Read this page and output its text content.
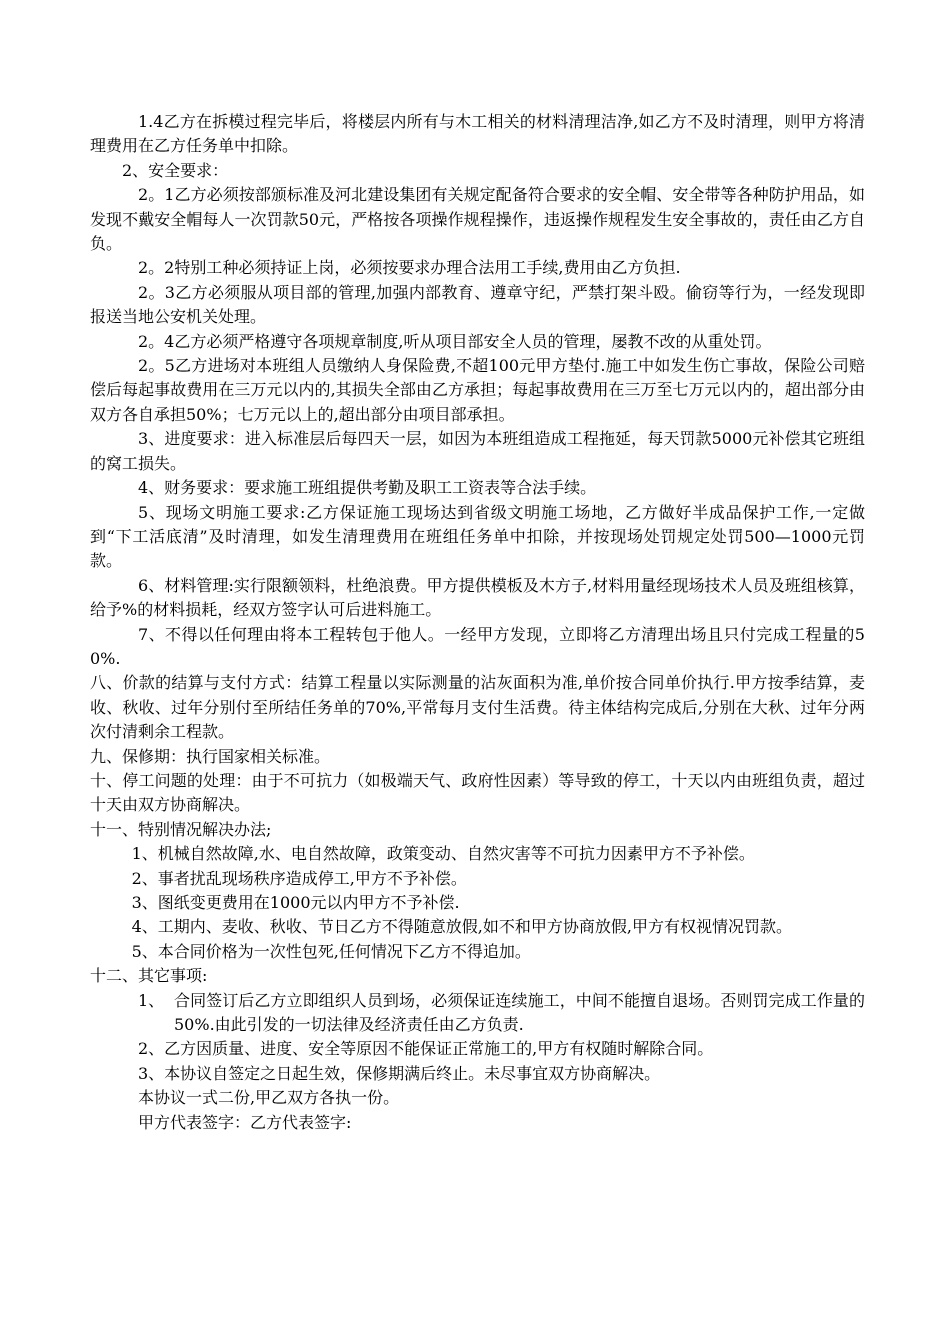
1.4乙方在拆模过程完毕后，将楼层内所有与木工相关的材料清理洁净,如乙方不及时清理，则甲方将清理费用在乙方任务单中扣除。

2、安全要求：

2。1乙方必须按部颁标准及河北建设集团有关规定配备符合要求的安全帽、安全带等各种防护用品，如发现不戴安全帽每人一次罚款50元，严格按各项操作规程操作，违返操作规程发生安全事故的，责任由乙方自负。

2。2特别工种必须持证上岗，必须按要求办理合法用工手续,费用由乙方负担.

2。3乙方必须服从项目部的管理,加强内部教育、遵章守纪，严禁打架斗殴。偷窃等行为，一经发现即报送当地公安机关处理。

2。4乙方必须严格遵守各项规章制度,听从项目部安全人员的管理，屡教不改的从重处罚。

2。5乙方进场对本班组人员缴纳人身保险费,不超100元甲方垫付.施工中如发生伤亡事故，保险公司赔偿后每起事故费用在三万元以内的,其损失全部由乙方承担；每起事故费用在三万至七万元以内的，超出部分由双方各自承担50%；七万元以上的,超出部分由项目部承担。

3、进度要求：进入标准层后每四天一层，如因为本班组造成工程拖延，每天罚款5000元补偿其它班组的窝工损失。

4、财务要求：要求施工班组提供考勤及职工工资表等合法手续。

5、现场文明施工要求:乙方保证施工现场达到省级文明施工场地，乙方做好半成品保护工作,一定做到“下工活底清”及时清理，如发生清理费用在班组任务单中扣除，并按现场处罚规定处罚500—1000元罚款。

6、材料管理:实行限额领料，杜绝浪费。甲方提供模板及木方子,材料用量经现场技术人员及班组核算，给予%的材料损耗，经双方签字认可后进料施工。

7、不得以任何理由将本工程转包于他人。一经甲方发现，立即将乙方清理出场且只付完成工程量的50%.

八、价款的结算与支付方式：结算工程量以实际测量的沾灰面积为准,单价按合同单价执行.甲方按季结算，麦收、秋收、过年分别付至所结任务单的70%,平常每月支付生活费。待主体结构完成后,分别在大秋、过年分两次付清剩余工程款。

九、保修期：执行国家相关标准。

十、停工问题的处理：由于不可抗力（如极端天气、政府性因素）等导致的停工，十天以内由班组负责，超过十天由双方协商解决。

十一、特别情况解决办法;

1、机械自然故障,水、电自然故障，政策变动、自然灾害等不可抗力因素甲方不予补偿。

2、事者扰乱现场秩序造成停工,甲方不予补偿。

3、图纸变更费用在1000元以内甲方不予补偿.

4、工期内、麦收、秋收、节日乙方不得随意放假,如不和甲方协商放假,甲方有权视情况罚款。

5、本合同价格为一次性包死,任何情况下乙方不得追加。

十二、其它事项:

1、 合同签订后乙方立即组织人员到场，必须保证连续施工，中间不能擅自退场。否则罚完成工作量的50%.由此引发的一切法律及经济责任由乙方负责.

2、乙方因质量、进度、安全等原因不能保证正常施工的,甲方有权随时解除合同。

3、本协议自签定之日起生效，保修期满后终止。未尽事宜双方协商解决。

本协议一式二份,甲乙双方各执一份。

甲方代表签字：乙方代表签字:
